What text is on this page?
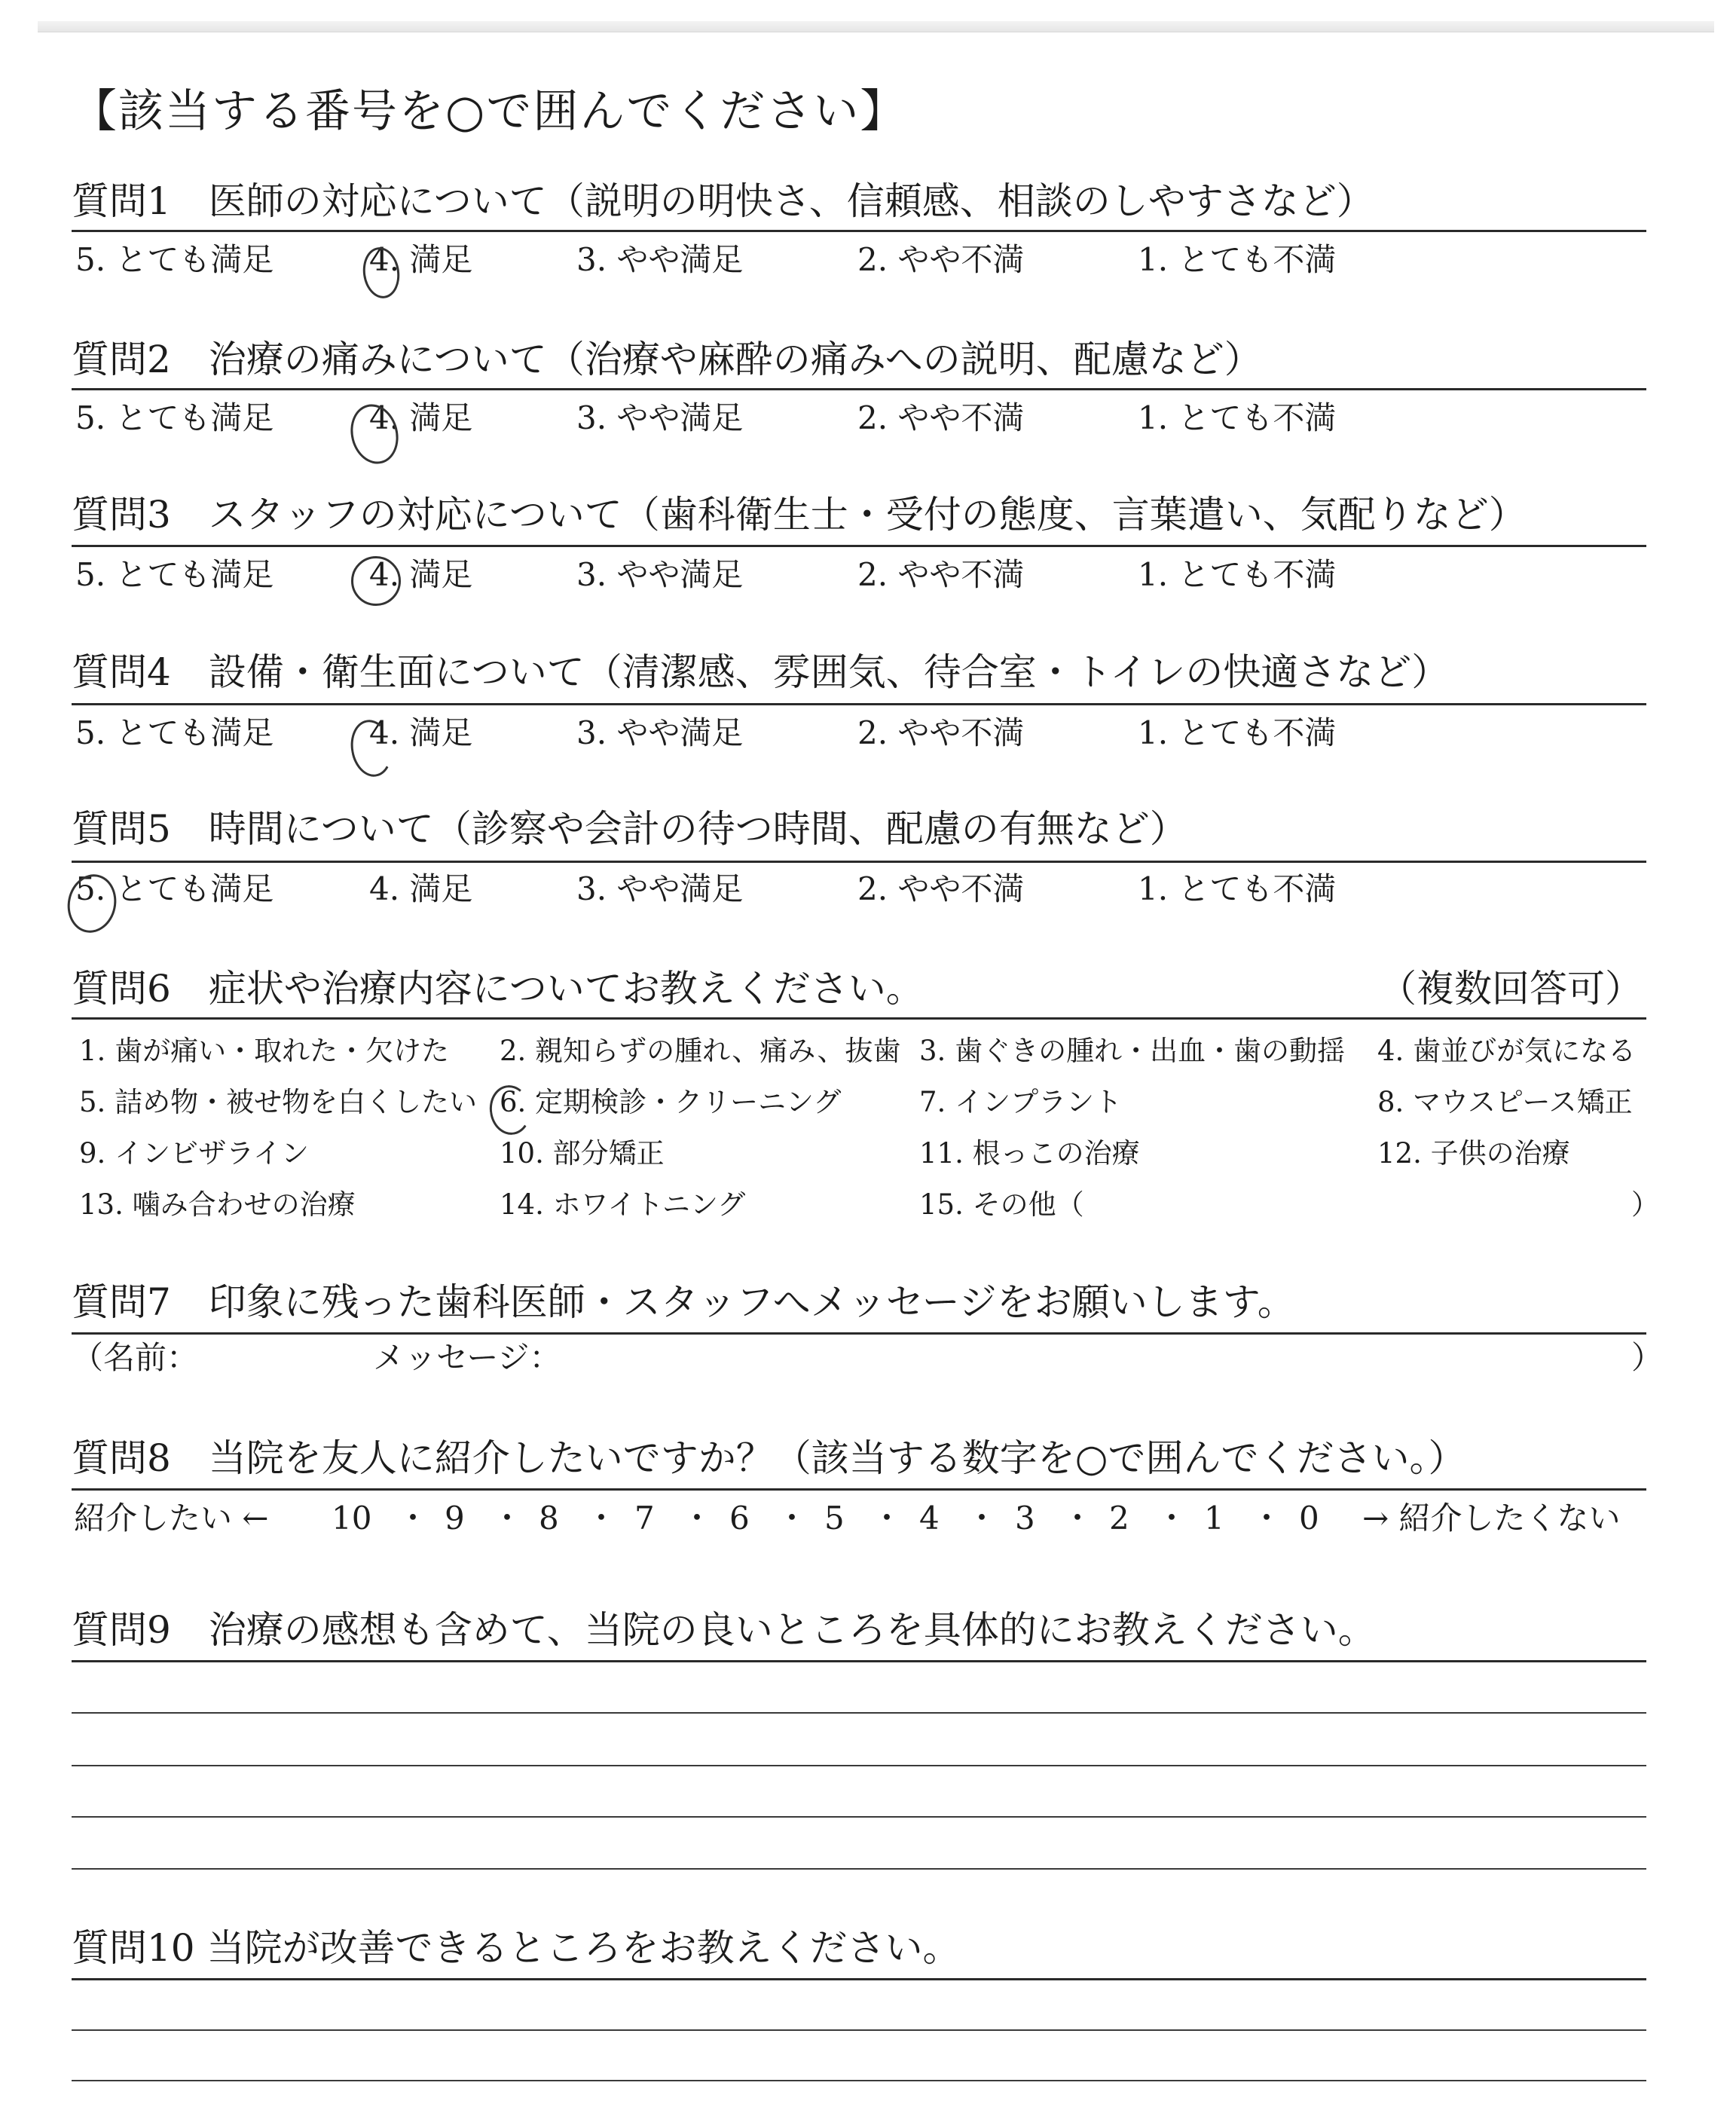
【該当する番号を○で囲んでください】
質問1　医師の対応について（説明の明快さ、信頼感、相談のしやすさなど）
5. とても満足	4. 満足	3. やや満足	2. やや不満	1. とても不満
質問2　治療の痛みについて（治療や麻酔の痛みへの説明、配慮など）
5. とても満足	4. 満足	3. やや満足	2. やや不満	1. とても不満
質問3　スタッフの対応について（歯科衛生士・受付の態度、言葉遣い、気配りなど）
5. とても満足	4. 満足	3. やや満足	2. やや不満	1. とても不満
質問4　設備・衛生面について（清潔感、雰囲気、待合室・トイレの快適さなど）
5. とても満足	4. 満足	3. やや満足	2. やや不満	1. とても不満
質問5　時間について（診察や会計の待つ時間、配慮の有無など）
5. とても満足	4. 満足	3. やや満足	2. やや不満	1. とても不満
質問6　症状や治療内容についてお教えください。	（複数回答可）
1. 歯が痛い・取れた・欠けた 2. 親知らずの腫れ、痛み、抜歯 3. 歯ぐきの腫れ・出血・歯の動揺 4. 歯並びが気になる
5. 詰め物・被せ物を白くしたい 6. 定期検診・クリーニング	7. インプラント	8. マウスピース矯正
9. インビザライン	10. 部分矯正	11. 根っこの治療	12. 子供の治療
13. 噛み合わせの治療	14. ホワイトニング	15. その他（	）
質問7　印象に残った歯科医師・スタッフへメッセージをお願いします。
（名前：	メッセージ：	）
質問8　当院を友人に紹介したいですか？（該当する数字を○で囲んでください。）
紹介したい ←	→ 紹介したくない
10 ・ 9 ・ 8 ・ 7 ・ 6 ・ 5 ・ 4 ・ 3 ・ 2 ・ 1 ・ 0
質問9　治療の感想も含めて、当院の良いところを具体的にお教えください。
質問10 当院が改善できるところをお教えください。
